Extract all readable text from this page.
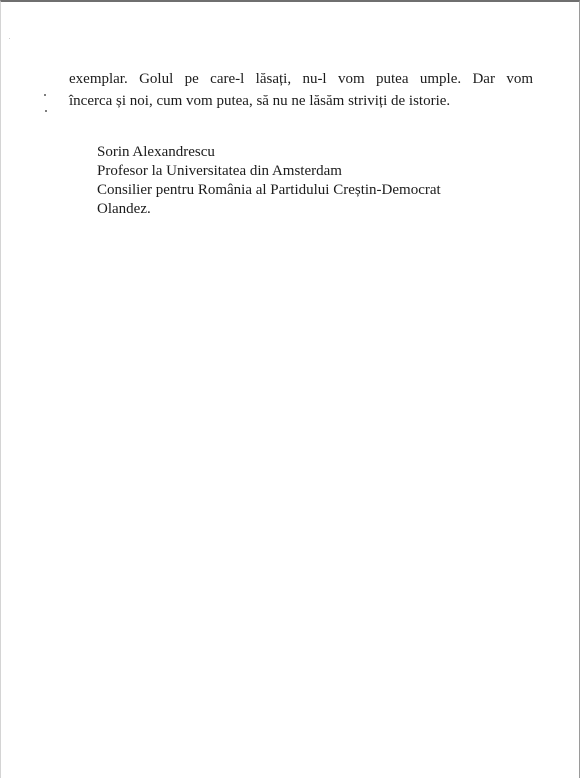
exemplar. Golul pe care-l lăsați, nu-l vom putea umple. Dar vom
încerca și noi, cum vom putea, să nu ne lăsăm striviți de istorie.

Sorin Alexandrescu
Profesor la Universitatea din Amsterdam
Consilier pentru România al Partidului Creștin-Democrat
Olandez.
